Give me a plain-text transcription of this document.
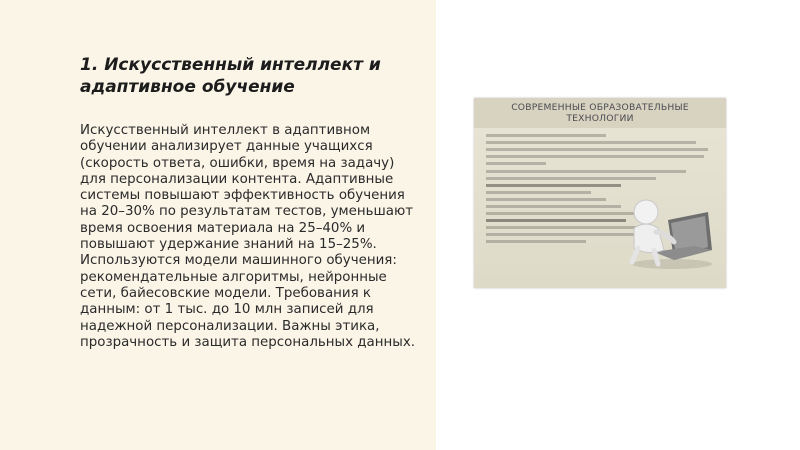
1. Искусственный интеллект и адаптивное обучение
Искусственный интеллект в адаптивном обучении анализирует данные учащихся (скорость ответа, ошибки, время на задачу) для персонализации контента. Адаптивные системы повышают эффективность обучения на 20–30% по результатам тестов, уменьшают время освоения материала на 25–40% и повышают удержание знаний на 15–25%. Используются модели машинного обучения: рекомендательные алгоритмы, нейронные сети, байесовские модели. Требования к данным: от 1 тыс. до 10 млн записей для надежной персонализации. Важны этика, прозрачность и защита персональных данных.
СОВРЕМЕННЫЕ ОБРАЗОВАТЕЛЬНЫЕ
ТЕХНОЛОГИИ
